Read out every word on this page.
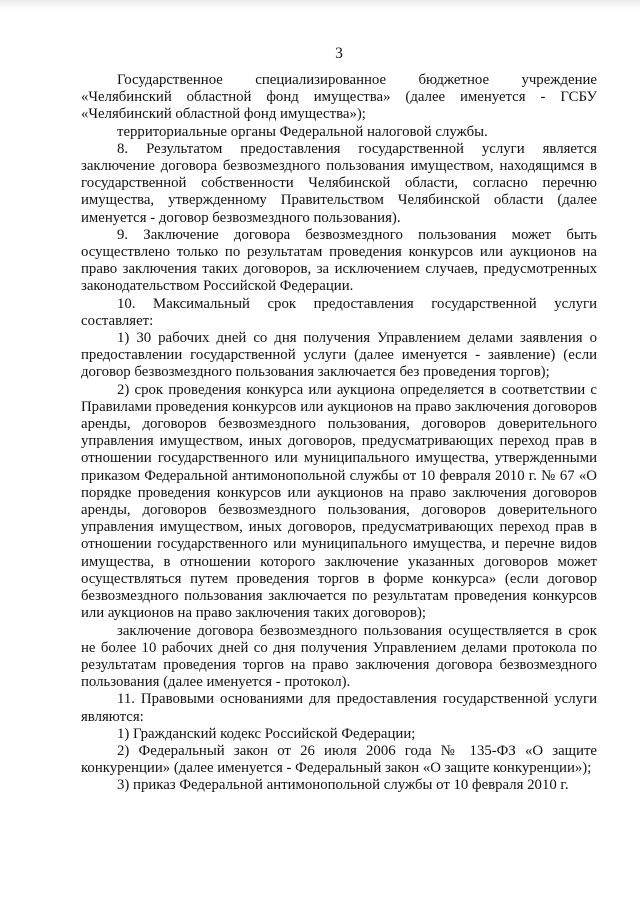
3

Государственное специализированное бюджетное учреждение «Челябинский областной фонд имущества» (далее именуется - ГСБУ «Челябинский областной фонд имущества»);

территориальные органы Федеральной налоговой службы.

8. Результатом предоставления государственной услуги является заключение договора безвозмездного пользования имуществом, находящимся в государственной собственности Челябинской области, согласно перечню имущества, утвержденному Правительством Челябинской области (далее именуется - договор безвозмездного пользования).

9. Заключение договора безвозмездного пользования может быть осуществлено только по результатам проведения конкурсов или аукционов на право заключения таких договоров, за исключением случаев, предусмотренных законодательством Российской Федерации.

10. Максимальный срок предоставления государственной услуги составляет:

1) 30 рабочих дней со дня получения Управлением делами заявления о предоставлении государственной услуги (далее именуется - заявление) (если договор безвозмездного пользования заключается без проведения торгов);

2) срок проведения конкурса или аукциона определяется в соответствии с Правилами проведения конкурсов или аукционов на право заключения договоров аренды, договоров безвозмездного пользования, договоров доверительного управления имуществом, иных договоров, предусматривающих переход прав в отношении государственного или муниципального имущества, утвержденными приказом Федеральной антимонопольной службы от 10 февраля 2010 г. № 67 «О порядке проведения конкурсов или аукционов на право заключения договоров аренды, договоров безвозмездного пользования, договоров доверительного управления имуществом, иных договоров, предусматривающих переход прав в отношении государственного или муниципального имущества, и перечне видов имущества, в отношении которого заключение указанных договоров может осуществляться путем проведения торгов в форме конкурса» (если договор безвозмездного пользования заключается по результатам проведения конкурсов или аукционов на право заключения таких договоров);

заключение договора безвозмездного пользования осуществляется в срок не более 10 рабочих дней со дня получения Управлением делами протокола по результатам проведения торгов на право заключения договора безвозмездного пользования (далее именуется - протокол).

11. Правовыми основаниями для предоставления государственной услуги являются:

1) Гражданский кодекс Российской Федерации;

2) Федеральный закон от 26 июля 2006 года № 135-ФЗ «О защите конкуренции» (далее именуется - Федеральный закон «О защите конкуренции»);

3) приказ Федеральной антимонопольной службы от 10 февраля 2010 г.
